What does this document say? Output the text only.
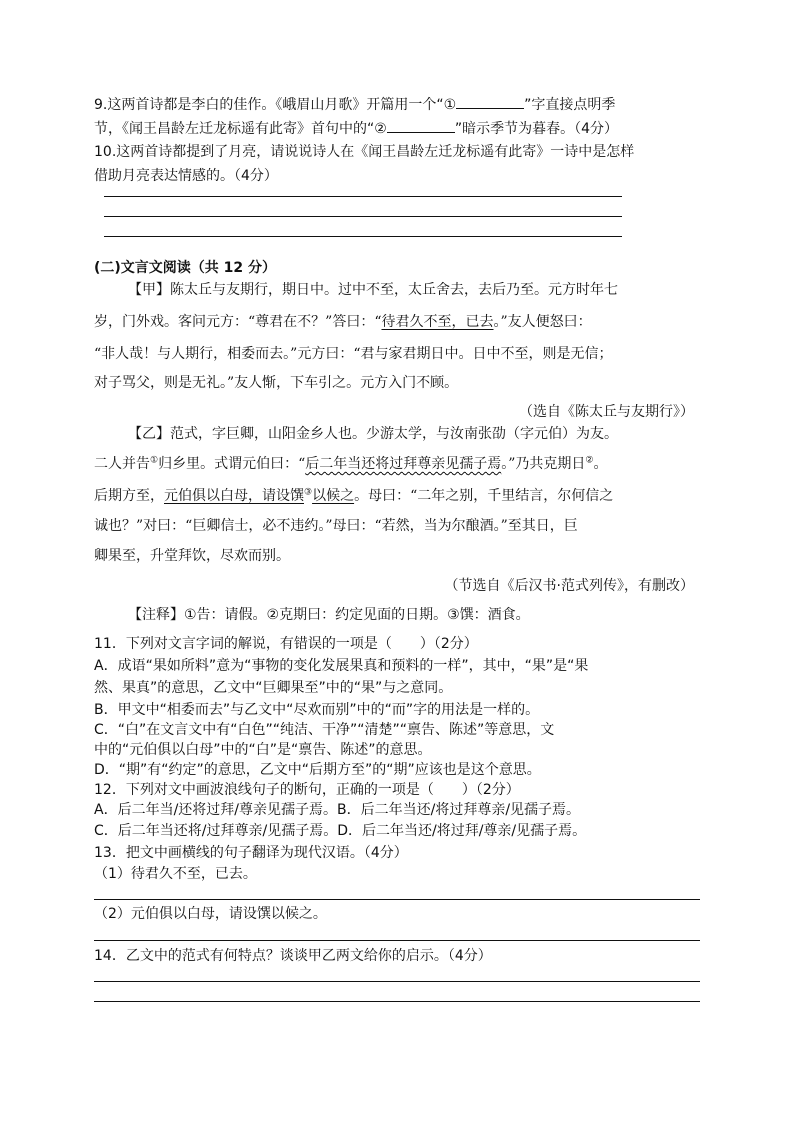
9.这两首诗都是李白的佳作。《峨眉山月歌》开篇用一个“①	”字直接点明季
节，《闻王昌龄左迁龙标遥有此寄》首句中的“②	”暗示季节为暮春。（4分）
10.这两首诗都提到了月亮，请说说诗人在《闻王昌龄左迁龙标遥有此寄》一诗中是怎样
借助月亮表达情感的。（4分）
(二)文言文阅读（共 12 分）
【甲】陈太丘与友期行，期日中。过中不至，太丘舍去，去后乃至。元方时年七
岁，门外戏。客问元方：“尊君在不？”答曰：“待君久不至，已去。”友人便怒曰：
“非人哉！与人期行，相委而去。”元方曰：“君与家君期日中。日中不至，则是无信；
对子骂父，则是无礼。”友人惭，下车引之。元方入门不顾。
（选自《陈太丘与友期行》）
【乙】范式，字巨卿，山阳金乡人也。少游太学，与汝南张劭（字元伯）为友。
二人并告①归乡里。式谓元伯曰：“后二年当还将过拜尊亲见孺子焉。”乃共克期日②。
后期方至，元伯俱以白母，请设馔③以候之。母曰：“二年之别，千里结言，尔何信之
诚也？”对曰：“巨卿信士，必不违约。”母曰：“若然，当为尔酿酒。”至其日，巨
卿果至，升堂拜饮，尽欢而别。
（节选自《后汉书·范式列传》，有删改）
【注释】①告：请假。②克期曰：约定见面的日期。③馔：酒食。
11．下列对文言字词的解说，有错误的一项是（　　）（2分）
A．成语“果如所料”意为“事物的变化发展果真和预料的一样”，其中，“果”是“果
然、果真”的意思，乙文中“巨卿果至”中的“果”与之意同。
B．甲文中“相委而去”与乙文中“尽欢而别”中的“而”字的用法是一样的。
C．“白”在文言文中有“白色”“纯洁、干净”“清楚”“禀告、陈述”等意思，文
中的“元伯俱以白母”中的“白”是“禀告、陈述”的意思。
D．“期”有“约定”的意思，乙文中“后期方至”的“期”应该也是这个意思。
12．下列对文中画波浪线句子的断句，正确的一项是（　　）（2分）
A．后二年当/还将过拜/尊亲见孺子焉。B．后二年当还/将过拜尊亲/见孺子焉。
C．后二年当还将/过拜尊亲/见孺子焉。D．后二年当还/将过拜/尊亲/见孺子焉。
13．把文中画横线的句子翻译为现代汉语。（4分）
（1）待君久不至，已去。
（2）元伯俱以白母，请设馔以候之。
14．乙文中的范式有何特点？谈谈甲乙两文给你的启示。（4分）
